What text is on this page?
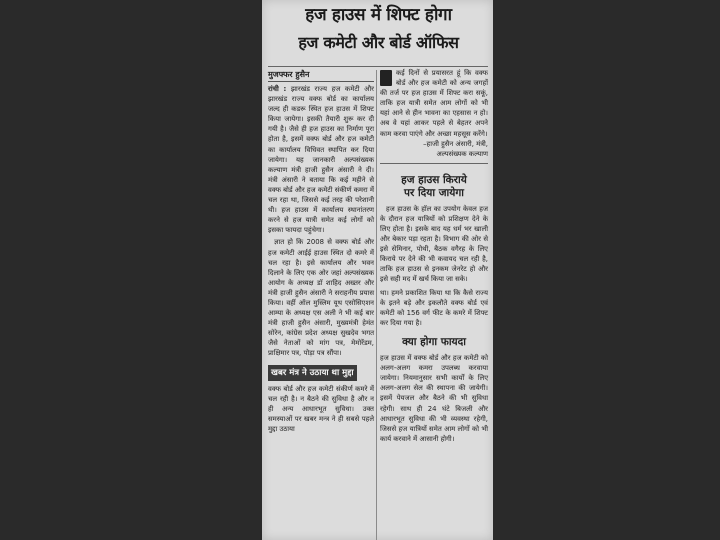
हज हाउस में शिफ्ट होगा
हज कमेटी और बोर्ड ऑफिस
मुजफ्फर हुसैन

रांची : झारखंड राज्य हज कमेटी और झारखंड राज्य वक्फ बोर्ड का कार्यालय जल्द ही कडरू स्थित हज हाउस में शिफ्ट किया जायेगा। इसकी तैयारी शुरू कर दी गयी है। जैसे ही हज हाउस का निर्माण पूरा होता है, इसमें वक्फ बोर्ड और हज कमेटी का कार्यालय विधिवत स्थापित कर दिया जायेगा। यह जानकारी अल्पसंख्यक कल्याण मंत्री हाजी हुसैन अंसारी ने दी। मंत्री अंसारी ने बताया कि कई महीने से वक्फ बोर्ड और हज कमेटी संकीर्ण कमरा में चल रहा था, जिससे कई तरह की परेशानी थी। हज हाउस में कार्यालय स्थानांतरण करने से हज यात्री समेत कई लोगों को इसका फायदा पहुंचेगा।

ज्ञात हो कि 2008 से वक्फ बोर्ड और हज कमेटी आईई हाउस स्थित दो कमरे में चल रहा है। इसे कार्यालय और भवन दिलाने के लिए एक ओर जहां अल्पसंख्यक आयोग के अध्यक्ष डॉ शाहिद अख्तर और मंत्री हाजी हुसैन अंसारी ने सराहनीय प्रयास किया। वहीं ऑल मुस्लिम यूथ एसोसिएशन आम्या के अध्यक्ष एस अली ने भी कई बार मंत्री हाजी हुसैन अंसारी, मुख्यमंत्री हेमंत सोरेन, कांग्रेस प्रदेश अध्यक्ष सुखदेव भगत जैसे नेताओं को मांग पत्र, मेमोरेंडम, प्राक्षिमार पत्र, पोड़ा पत्र सौंपा।

खबर मंत्र ने उठाया था मुद्दा

वक्फ बोर्ड और हज कमेटी संकीर्ण कमरे में चल रही है। न बैठने की सुविधा है और न ही अन्य आधारभूत सुविधा। उक्त समस्याओं पर खबर मन्त्र ने ही सबसे पहले मुद्दा उठाया

कई दिनों से प्रयासरत हूं कि वक्फ बोर्ड और हज कमेटी को अन्य जगहों की तर्ज पर हज हाउस में शिफ्ट करा सकूं, ताकि हज यात्री समेत आम लोगों को भी यहां आने से हीन भावना का एहसास न हो। अब वे यहां आकर पहले से बेहतर अपने काम करवा पाएंगे और अच्छा महसूस करेंगे।
–हाजी हुसैन अंसारी, मंत्री,
अल्पसंख्यक कल्याण
हज हाउस किराये
पर दिया जायेगा

हज हाउस के हॉल का उपयोग केवल हज के दौरान हज यात्रियों को प्रशिक्षण देने के लिए होता है। इसके बाद यह धर्म भर खाली और बेकार पड़ा रहता है। विभाग की ओर से इसे सेमिनार, पोथी, बैठक वगैरह के लिए किराये पर देने की भी कवायद चल रही है, ताकि हज हाउस से इनकम जेनरेट हो और इसे सही मद में खर्च किया जा सके।

था। हमने प्रकाशित किया था कि कैसे राज्य के इतने बड़े और इकलौते वक्फ बोर्ड एवं कमेटी को 156 वर्ग फीट के कमरे में शिफ्ट कर दिया गया है।

क्या होगा फायदा

हज हाउस में वक्फ बोर्ड और हज कमेटी को अलग-अलग कमरा उपलब्ध करवाया जायेगा। नियमानुसार सभी कार्यों के लिए अलग-अलग सेल की स्थापना की जायेगी। इसमें पेयजल और बैठने की भी सुविधा रहेगी। साथ ही 24 घंटे बिजली और आधारभूत सुविधा की भी व्यवस्था रहेगी, जिससे हज यात्रियों समेत आम लोगों को भी कार्य करवाने में आसानी होगी।
